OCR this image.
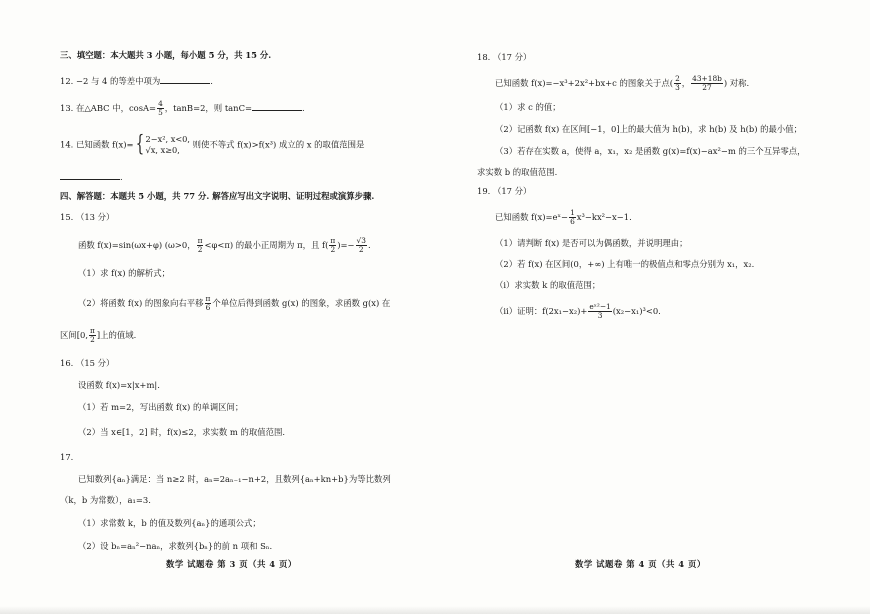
三、填空题：本大题共 3 小题，每小题 5 分，共 15 分.
12. −2 与 4 的等差中项为	.
13. 在△ABC 中，$\cos A= \frac{4}{5}$ ，tanB=2，则 tanC=	.
14. 已知函数 f(x)={ 2−x², x<0,
√x, x≥0,
则使不等式 f(x)>f(x³) 成立的 x 的取值范围是
.
四、解答题：本题共 5 小题，共 77 分. 解答应写出文字说明、证明过程或演算步骤.
15. （13 分）
函数 f(x)=sin(ωx+φ) (ω>0， $\frac{\pi}{2} <\varphi<\pi$) 的最小正周期为 π，且 $f( \frac{\pi}{2}$ )=− $\frac{√3}{2}$ .
（1）求 f(x) 的解析式；
（2）将函数 f(x) 的图象向右平移 $\frac{\pi}{6}$ 个单位后得到函数 g(x) 的图象，求函数 g(x) 在
区间[0, $\frac{\pi}{2}$ ]上的值域.
16. （15 分）
设函数 f(x)=x|x+m|.
（1）若 m=2，写出函数 f(x) 的单调区间；
（2）当 x∈[1，2] 时，f(x)≤2，求实数 m 的取值范围.
17.
已知数列{aₙ}满足：当 n≥2 时，aₙ=2aₙ₋₁−n+2，且数列{aₙ+kn+b}为等比数列
（k，b 为常数），a₁=3.
（1）求常数 k，b 的值及数列{aₙ}的通项公式；
（2）设 bₙ=aₙ²−naₙ，求数列{bₙ}的前 n 项和 Sₙ.
数学 试题卷 第 3 页（共 4 页）
18. （17 分）
已知函数 f(x)=−x³+2x²+bx+c 的图象关于点( $\frac{2}{3}$ ， $\frac{43+18b}{27}$ ) 对称.
（1）求 c 的值；
（2）记函数 f(x) 在区间[−1，0]上的最大值为 h(b)，求 h(b) 及 h(b) 的最小值；
（3）若存在实数 a，使得 a，x₁，x₂ 是函数 g(x)=f(x)−ax²−m 的三个互异零点，
求实数 b 的取值范围.
19. （17 分）
已知函数 f(x)=eˣ− $\frac{1}{6} x^3-kx^2-x-1$.
（1）请判断 f(x) 是否可以为偶函数，并说明理由；
（2）若 f(x) 在区间(0，+∞) 上有唯一的极值点和零点分别为 x₁，x₂.
（i）求实数 k 的取值范围；
（ii）证明：$f(2x_1-x_2)+ \frac{\text{eˣ²−1}}{3} (x_2-x_1)^3<0$.
数学 试题卷 第 4 页（共 4 页）
